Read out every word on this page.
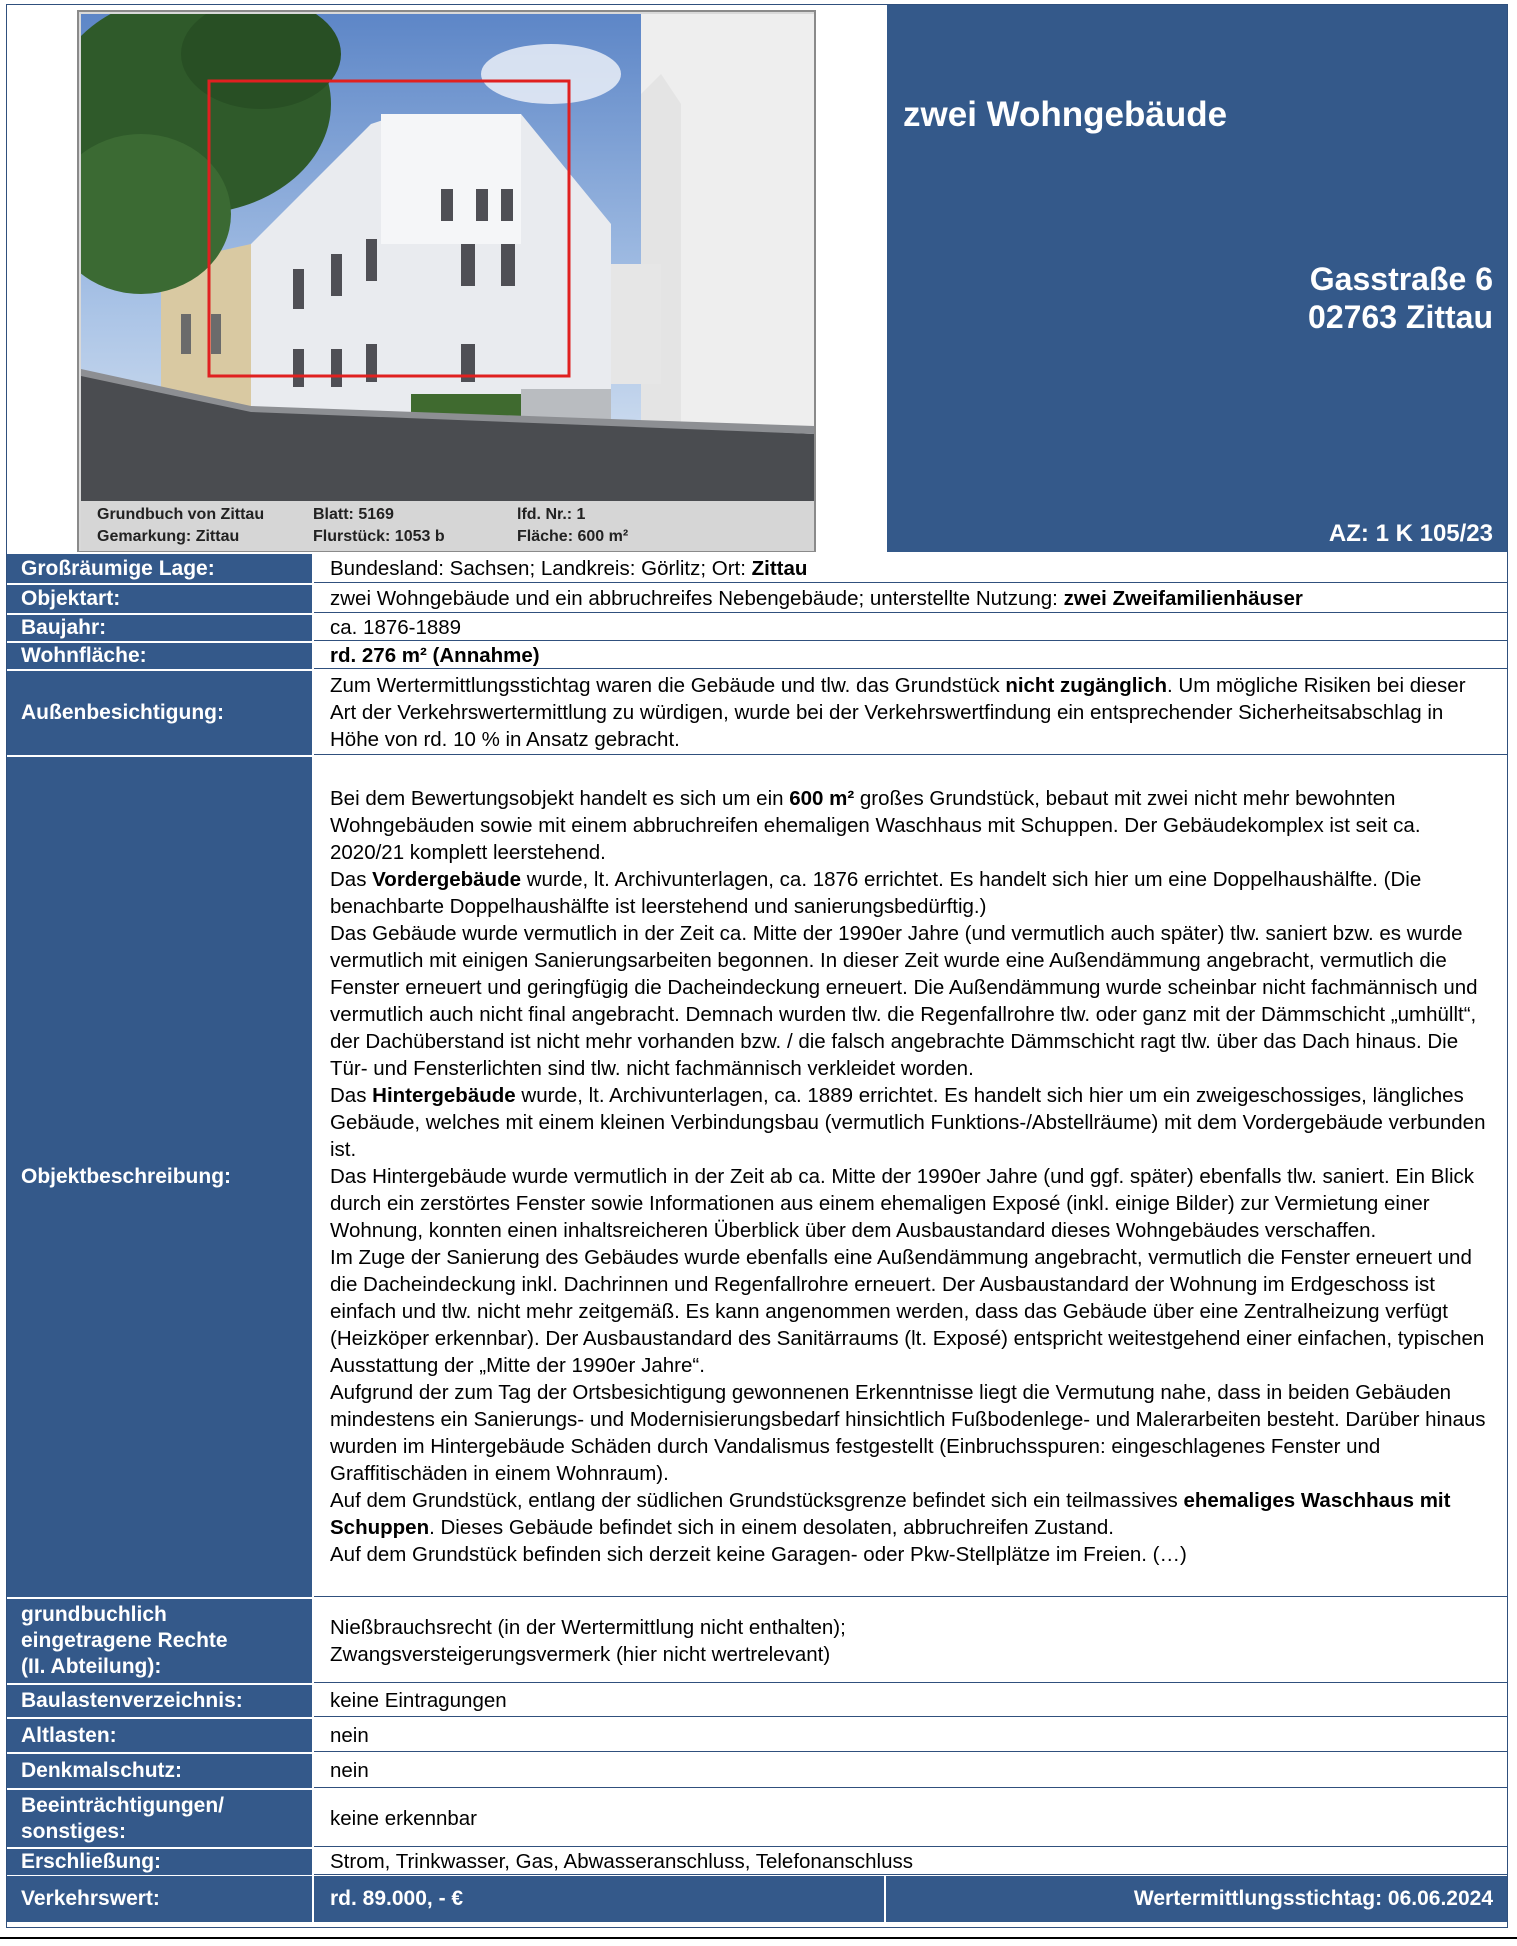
Grundbuch von Zittau	Blatt: 5169	lfd. Nr.: 1
Gemarkung: Zittau	Flurstück: 1053 b	Fläche: 600 m²
zwei Wohngebäude
Gasstraße 6
02763 Zittau
AZ: 1 K 105/23
Großräumige Lage:	Bundesland: Sachsen; Landkreis: Görlitz; Ort: Zittau

Objektart:	zwei Wohngebäude und ein abbruchreifes Nebengebäude; unterstellte Nutzung: zwei Zweifamilienhäuser

Baujahr:	ca. 1876-1889

Wohnfläche:	rd. 276 m² (Annahme)

Außenbesichtigung:

Zum Wertermittlungsstichtag waren die Gebäude und tlw. das Grundstück nicht zugänglich. Um mögliche Risiken bei dieser Art der Verkehrswertermittlung zu würdigen, wurde bei der Verkehrswertfindung ein entsprechender Sicherheitsabschlag in Höhe von rd. 10 % in Ansatz gebracht.

Objektbeschreibung:

Bei dem Bewertungsobjekt handelt es sich um ein 600 m² großes Grundstück, bebaut mit zwei nicht mehr bewohnten Wohngebäuden sowie mit einem abbruchreifen ehemaligen Waschhaus mit Schuppen. Der Gebäudekomplex ist seit ca. 2020/21 komplett leerstehend.

Das Vordergebäude wurde, lt. Archivunterlagen, ca. 1876 errichtet. Es handelt sich hier um eine Doppelhaushälfte. (Die benachbarte Doppelhaushälfte ist leerstehend und sanierungsbedürftig.)

Das Gebäude wurde vermutlich in der Zeit ca. Mitte der 1990er Jahre (und vermutlich auch später) tlw. saniert bzw. es wurde vermutlich mit einigen Sanierungsarbeiten begonnen. In dieser Zeit wurde eine Außendämmung angebracht, vermutlich die Fenster erneuert und geringfügig die Dacheindeckung erneuert. Die Außendämmung wurde scheinbar nicht fachmännisch und vermutlich auch nicht final angebracht. Demnach wurden tlw. die Regenfallrohre tlw. oder ganz mit der Dämmschicht „umhüllt“, der Dachüberstand ist nicht mehr vorhanden bzw. / die falsch angebrachte Dämmschicht ragt tlw. über das Dach hinaus. Die Tür- und Fensterlichten sind tlw. nicht fachmännisch verkleidet worden.

Das Hintergebäude wurde, lt. Archivunterlagen, ca. 1889 errichtet. Es handelt sich hier um ein zweigeschossiges, längliches Gebäude, welches mit einem kleinen Verbindungsbau (vermutlich Funktions-/Abstellräume) mit dem Vordergebäude verbunden ist.

Das Hintergebäude wurde vermutlich in der Zeit ab ca. Mitte der 1990er Jahre (und ggf. später) ebenfalls tlw. saniert. Ein Blick durch ein zerstörtes Fenster sowie Informationen aus einem ehemaligen Exposé (inkl. einige Bilder) zur Vermietung einer Wohnung, konnten einen inhaltsreicheren Überblick über dem Ausbaustandard dieses Wohngebäudes verschaffen.

Im Zuge der Sanierung des Gebäudes wurde ebenfalls eine Außendämmung angebracht, vermutlich die Fenster erneuert und die Dacheindeckung inkl. Dachrinnen und Regenfallrohre erneuert. Der Ausbaustandard der Wohnung im Erdgeschoss ist einfach und tlw. nicht mehr zeitgemäß. Es kann angenommen werden, dass das Gebäude über eine Zentralheizung verfügt (Heizköper erkennbar). Der Ausbaustandard des Sanitärraums (lt. Exposé) entspricht weitestgehend einer einfachen, typischen Ausstattung der „Mitte der 1990er Jahre“.

Aufgrund der zum Tag der Ortsbesichtigung gewonnenen Erkenntnisse liegt die Vermutung nahe, dass in beiden Gebäuden mindestens ein Sanierungs- und Modernisierungsbedarf hinsichtlich Fußbodenlege- und Malerarbeiten besteht. Darüber hinaus wurden im Hintergebäude Schäden durch Vandalismus festgestellt (Einbruchsspuren: eingeschlagenes Fenster und Graffitischäden in einem Wohnraum).

Auf dem Grundstück, entlang der südlichen Grundstücksgrenze befindet sich ein teilmassives ehemaliges Waschhaus mit Schuppen. Dieses Gebäude befindet sich in einem desolaten, abbruchreifen Zustand.

Auf dem Grundstück befinden sich derzeit keine Garagen- oder Pkw-Stellplätze im Freien. (…)

grundbuchlich
eingetragene Rechte
(II. Abteilung):

Nießbrauchsrecht (in der Wertermittlung nicht enthalten);

Zwangsversteigerungsvermerk (hier nicht wertrelevant)

Baulastenverzeichnis:	keine Eintragungen

Altlasten:	nein

Denkmalschutz:	nein

Beeinträchtigungen/
sonstiges:

keine erkennbar

Erschließung:	Strom, Trinkwasser, Gas, Abwasseranschluss, Telefonanschluss

Verkehrswert:	rd. 89.000, - €	Wertermittlungsstichtag: 06.06.2024
